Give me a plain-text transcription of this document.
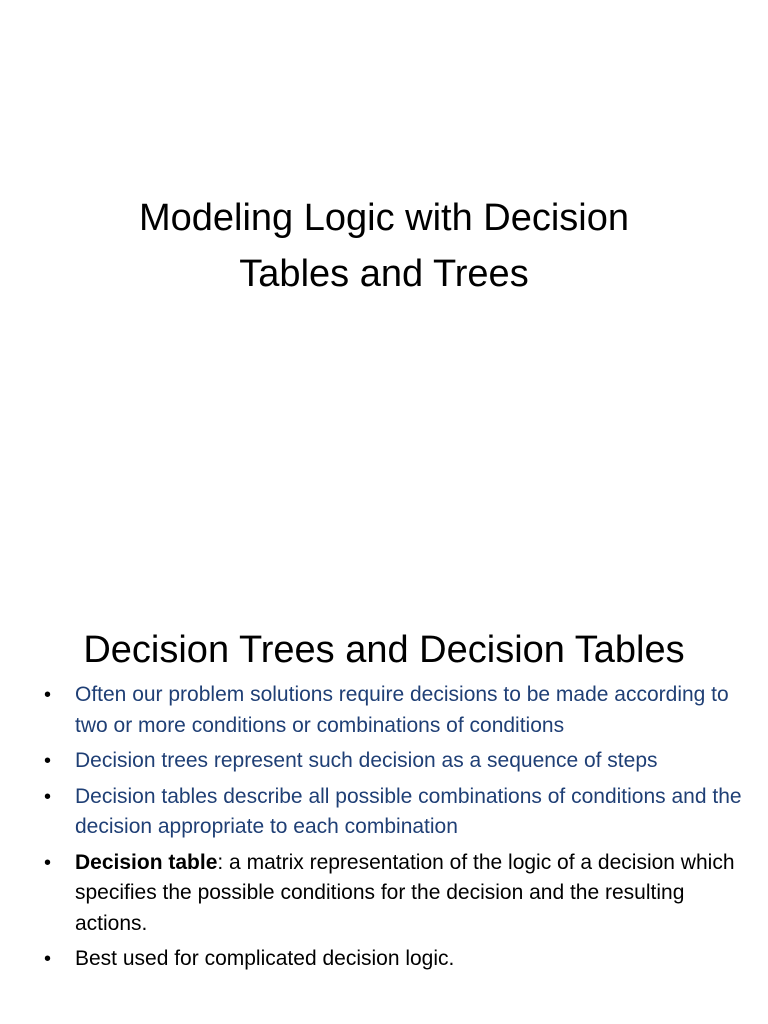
Modeling Logic with Decision
Tables and Trees
Decision Trees and Decision Tables
• Often our problem solutions require decisions to be made according to two or more conditions or combinations of conditions
• Decision trees represent such decision as a sequence of steps
• Decision tables describe all possible combinations of conditions and the decision appropriate to each combination
• Decision table: a matrix representation of the logic of a decision which specifies the possible conditions for the decision and the resulting actions.
• Best used for complicated decision logic.
